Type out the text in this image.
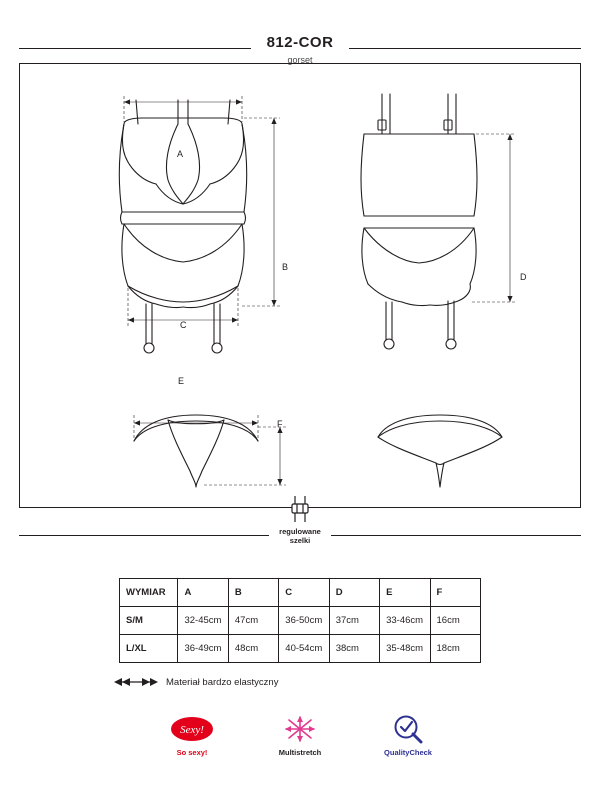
812-COR
gorset
A
B
C
D
E
F
regulowane
szelki
WYMIAR	A	B	C	D	E	F
S/M	32-45cm	47cm	36-50cm	37cm	33-46cm	16cm
L/XL	36-49cm	48cm	40-54cm	38cm	35-48cm	18cm
Materiał bardzo elastyczny
Sexy!
So sexy!	Multistretch	QualityCheck
